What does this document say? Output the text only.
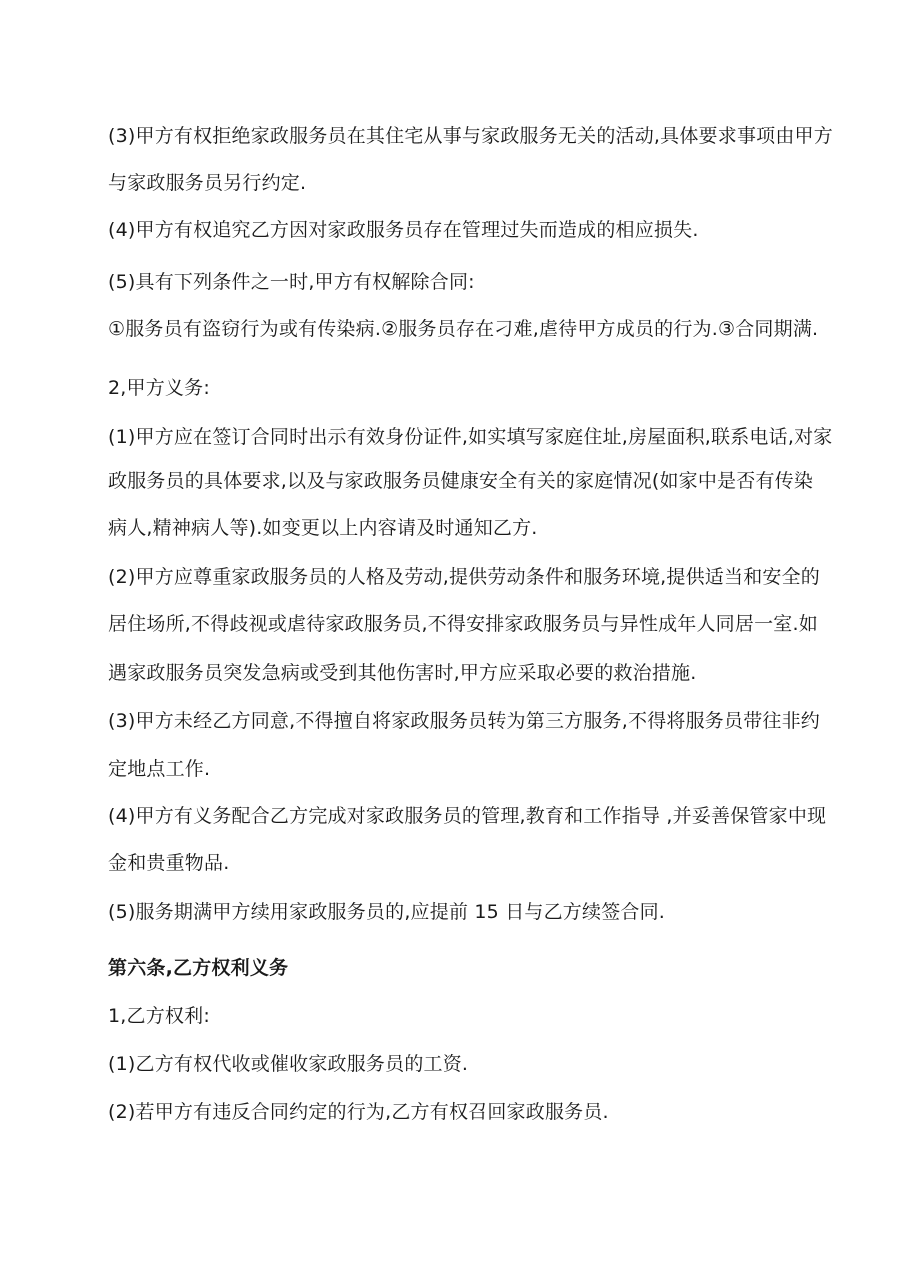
(3)甲方有权拒绝家政服务员在其住宅从事与家政服务无关的活动,具体要求事项由甲方
与家政服务员另行约定.
(4)甲方有权追究乙方因对家政服务员存在管理过失而造成的相应损失.
(5)具有下列条件之一时,甲方有权解除合同:
①服务员有盗窃行为或有传染病.②服务员存在刁难,虐待甲方成员的行为.③合同期满.
2,甲方义务:
(1)甲方应在签订合同时出示有效身份证件,如实填写家庭住址,房屋面积,联系电话,对家
政服务员的具体要求,以及与家政服务员健康安全有关的家庭情况(如家中是否有传染
病人,精神病人等).如变更以上内容请及时通知乙方.
(2)甲方应尊重家政服务员的人格及劳动,提供劳动条件和服务环境,提供适当和安全的
居住场所,不得歧视或虐待家政服务员,不得安排家政服务员与异性成年人同居一室.如
遇家政服务员突发急病或受到其他伤害时,甲方应采取必要的救治措施.
(3)甲方未经乙方同意,不得擅自将家政服务员转为第三方服务,不得将服务员带往非约
定地点工作.
(4)甲方有义务配合乙方完成对家政服务员的管理,教育和工作指导 ,并妥善保管家中现
金和贵重物品.
(5)服务期满甲方续用家政服务员的,应提前 15 日与乙方续签合同.
第六条,乙方权利义务
1,乙方权利:
(1)乙方有权代收或催收家政服务员的工资.
(2)若甲方有违反合同约定的行为,乙方有权召回家政服务员.
